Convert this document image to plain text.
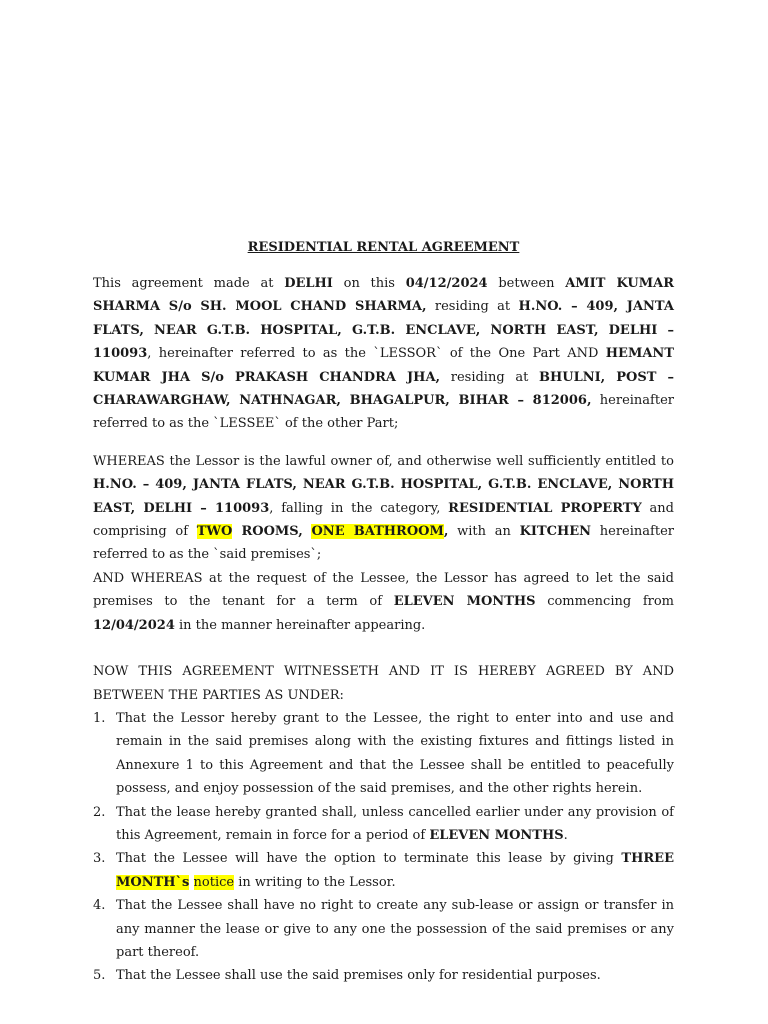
RESIDENTIAL RENTAL AGREEMENT

This agreement made at DELHI on this 04/12/2024 between AMIT KUMAR SHARMA S/o SH. MOOL CHAND SHARMA, residing at H.NO. – 409, JANTA FLATS, NEAR G.T.B. HOSPITAL, G.T.B. ENCLAVE, NORTH EAST, DELHI – 110093, hereinafter referred to as the `LESSOR` of the One Part AND HEMANT KUMAR JHA S/o PRAKASH CHANDRA JHA, residing at BHULNI, POST – CHARAWARGHAW, NATHNAGAR, BHAGALPUR, BIHAR – 812006, hereinafter referred to as the `LESSEE` of the other Part;

WHEREAS the Lessor is the lawful owner of, and otherwise well sufficiently entitled to H.NO. – 409, JANTA FLATS, NEAR G.T.B. HOSPITAL, G.T.B. ENCLAVE, NORTH EAST, DELHI – 110093, falling in the category, RESIDENTIAL PROPERTY and comprising of TWO ROOMS, ONE BATHROOM, with an KITCHEN hereinafter referred to as the `said premises`;

AND WHEREAS at the request of the Lessee, the Lessor has agreed to let the said premises to the tenant for a term of ELEVEN MONTHS commencing from 12/04/2024 in the manner hereinafter appearing.

NOW THIS AGREEMENT WITNESSETH AND IT IS HEREBY AGREED BY AND BETWEEN THE PARTIES AS UNDER:

1. That the Lessor hereby grant to the Lessee, the right to enter into and use and remain in the said premises along with the existing fixtures and fittings listed in Annexure 1 to this Agreement and that the Lessee shall be entitled to peacefully possess, and enjoy possession of the said premises, and the other rights herein.
2. That the lease hereby granted shall, unless cancelled earlier under any provision of this Agreement, remain in force for a period of ELEVEN MONTHS.
3. That the Lessee will have the option to terminate this lease by giving THREE MONTH`s notice in writing to the Lessor.
4. That the Lessee shall have no right to create any sub-lease or assign or transfer in any manner the lease or give to any one the possession of the said premises or any part thereof.
5. That the Lessee shall use the said premises only for residential purposes.
